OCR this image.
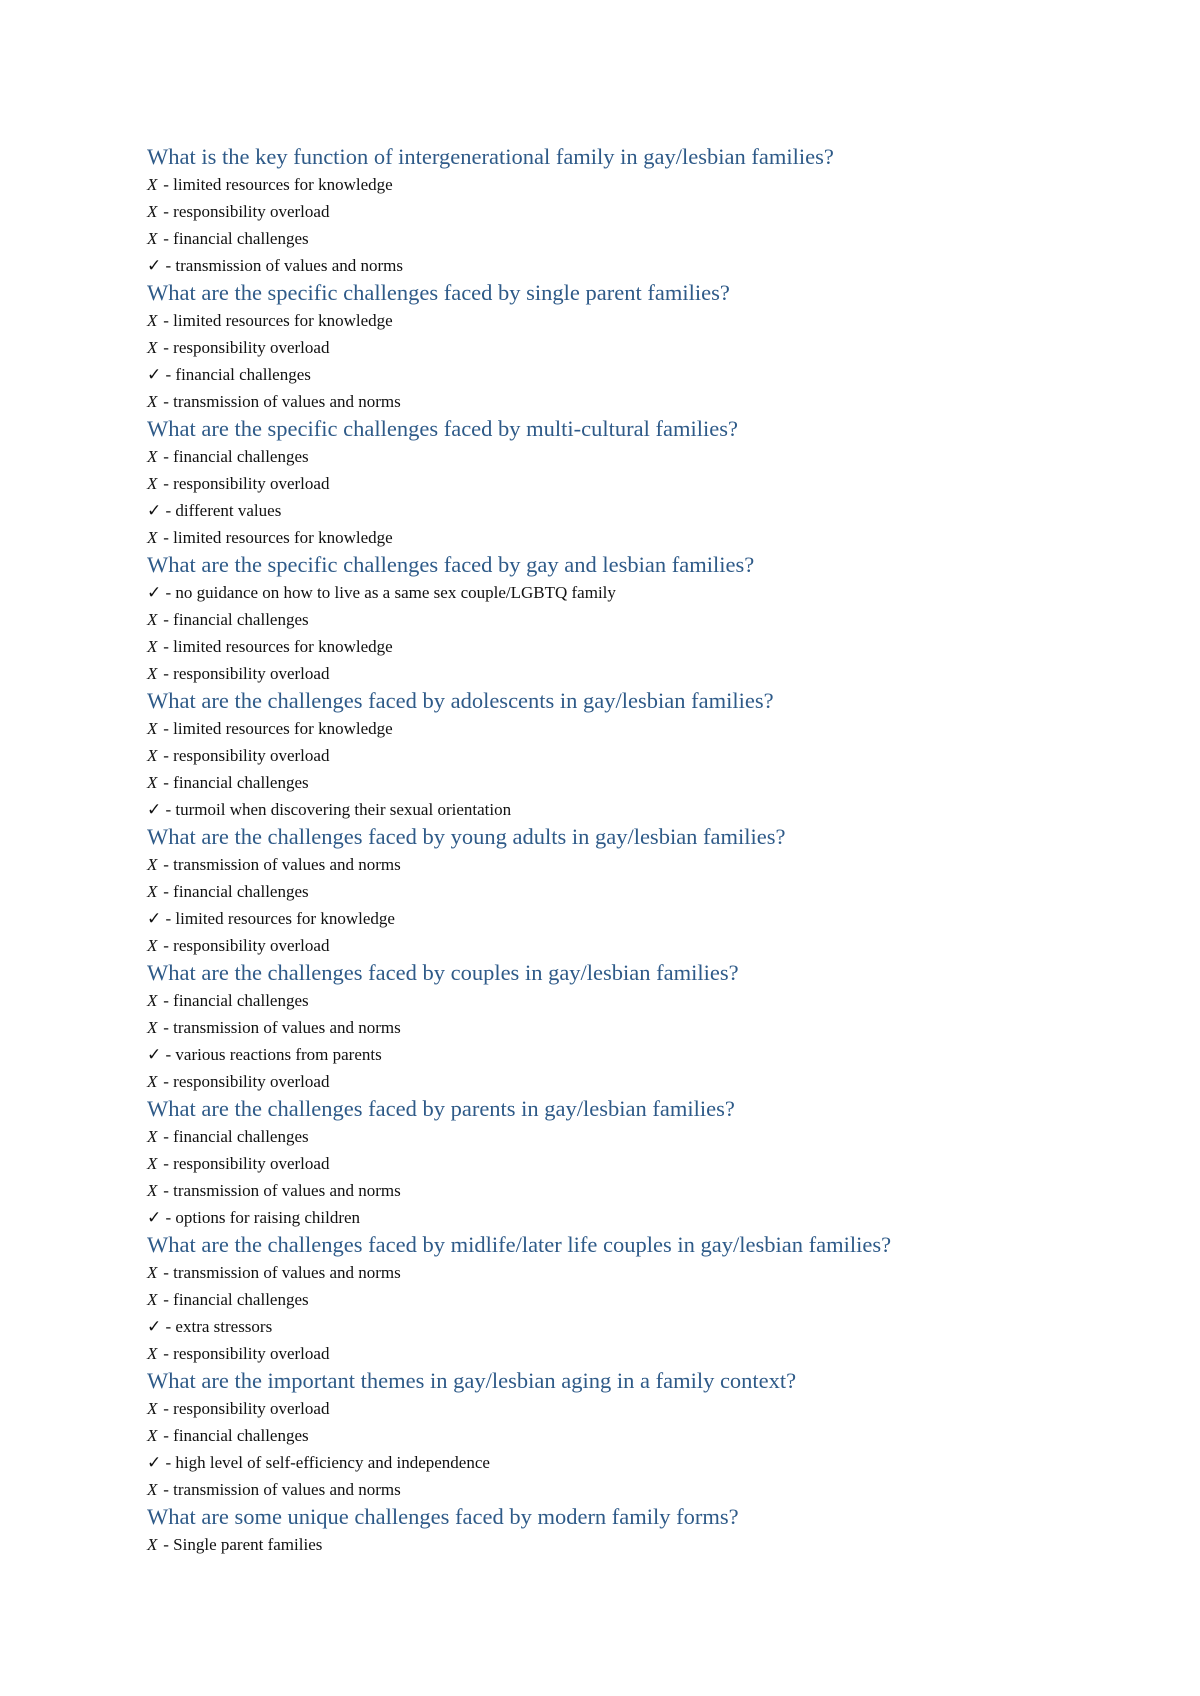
What is the key function of intergenerational family in gay/lesbian families?
X - limited resources for knowledge
X - responsibility overload
X - financial challenges
✓ - transmission of values and norms
What are the specific challenges faced by single parent families?
X - limited resources for knowledge
X - responsibility overload
✓ - financial challenges
X - transmission of values and norms
What are the specific challenges faced by multi-cultural families?
X - financial challenges
X - responsibility overload
✓ - different values
X - limited resources for knowledge
What are the specific challenges faced by gay and lesbian families?
✓ - no guidance on how to live as a same sex couple/LGBTQ family
X - financial challenges
X - limited resources for knowledge
X - responsibility overload
What are the challenges faced by adolescents in gay/lesbian families?
X - limited resources for knowledge
X - responsibility overload
X - financial challenges
✓ - turmoil when discovering their sexual orientation
What are the challenges faced by young adults in gay/lesbian families?
X - transmission of values and norms
X - financial challenges
✓ - limited resources for knowledge
X - responsibility overload
What are the challenges faced by couples in gay/lesbian families?
X - financial challenges
X - transmission of values and norms
✓ - various reactions from parents
X - responsibility overload
What are the challenges faced by parents in gay/lesbian families?
X - financial challenges
X - responsibility overload
X - transmission of values and norms
✓ - options for raising children
What are the challenges faced by midlife/later life couples in gay/lesbian families?
X - transmission of values and norms
X - financial challenges
✓ - extra stressors
X - responsibility overload
What are the important themes in gay/lesbian aging in a family context?
X - responsibility overload
X - financial challenges
✓ - high level of self-efficiency and independence
X - transmission of values and norms
What are some unique challenges faced by modern family forms?
X - Single parent families
